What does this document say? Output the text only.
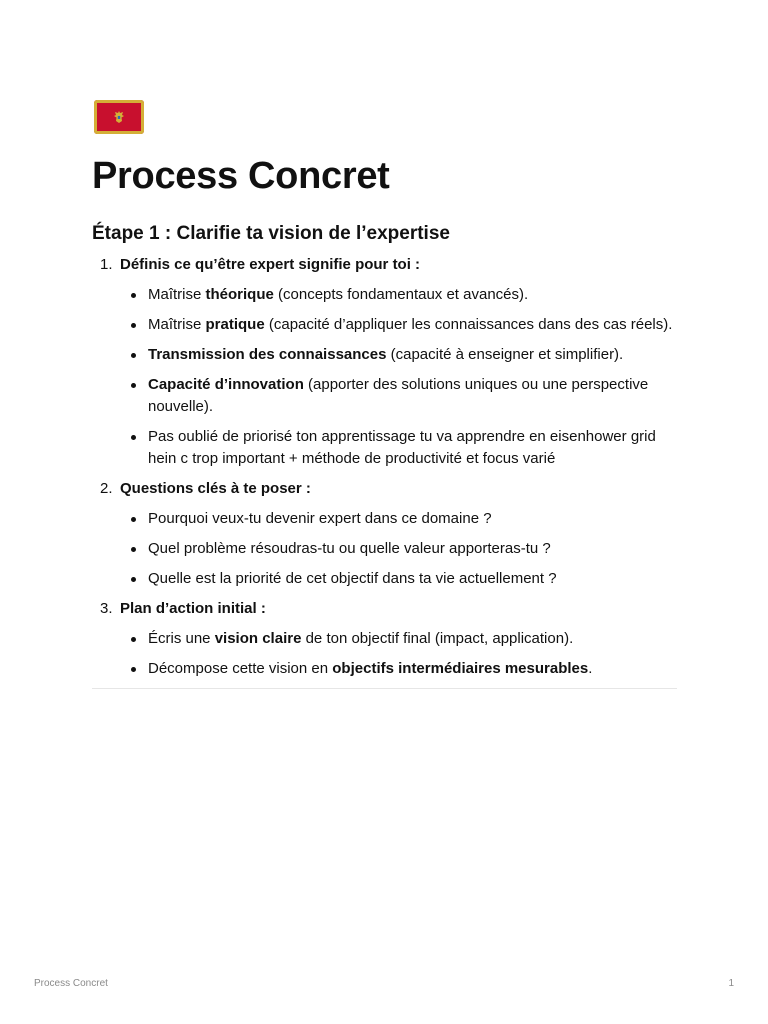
Process Concret
Étape 1 : Clarifie ta vision de l’expertise
1. Définis ce qu’être expert signifie pour toi :
Maîtrise théorique (concepts fondamentaux et avancés).
Maîtrise pratique (capacité d’appliquer les connaissances dans des cas réels).
Transmission des connaissances (capacité à enseigner et simplifier).
Capacité d’innovation (apporter des solutions uniques ou une perspective nouvelle).
Pas oublié de priorisé ton apprentissage tu va apprendre en eisenhower grid hein c trop important + méthode de productivité et focus varié
2. Questions clés à te poser :
Pourquoi veux-tu devenir expert dans ce domaine ?
Quel problème résoudras-tu ou quelle valeur apporteras-tu ?
Quelle est la priorité de cet objectif dans ta vie actuellement ?
3. Plan d’action initial :
Écris une vision claire de ton objectif final (impact, application).
Décompose cette vision en objectifs intermédiaires mesurables.
Process Concret	1
